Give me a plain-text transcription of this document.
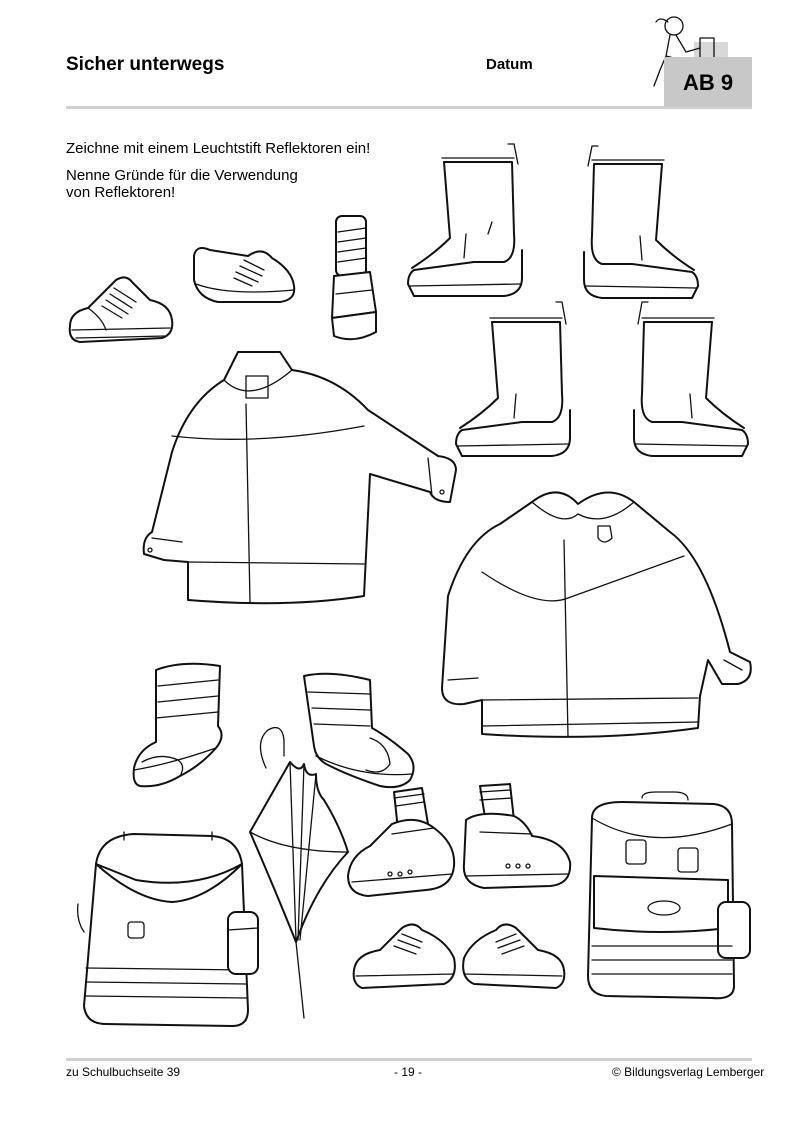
Sicher unterwegs	Datum
AB 9
Zeichne mit einem Leuchtstift Reflektoren ein!
Nenne Gründe für die Verwendung
von Reflektoren!
zu Schulbuchseite 39	- 19 -	© Bildungsverlag Lemberger
